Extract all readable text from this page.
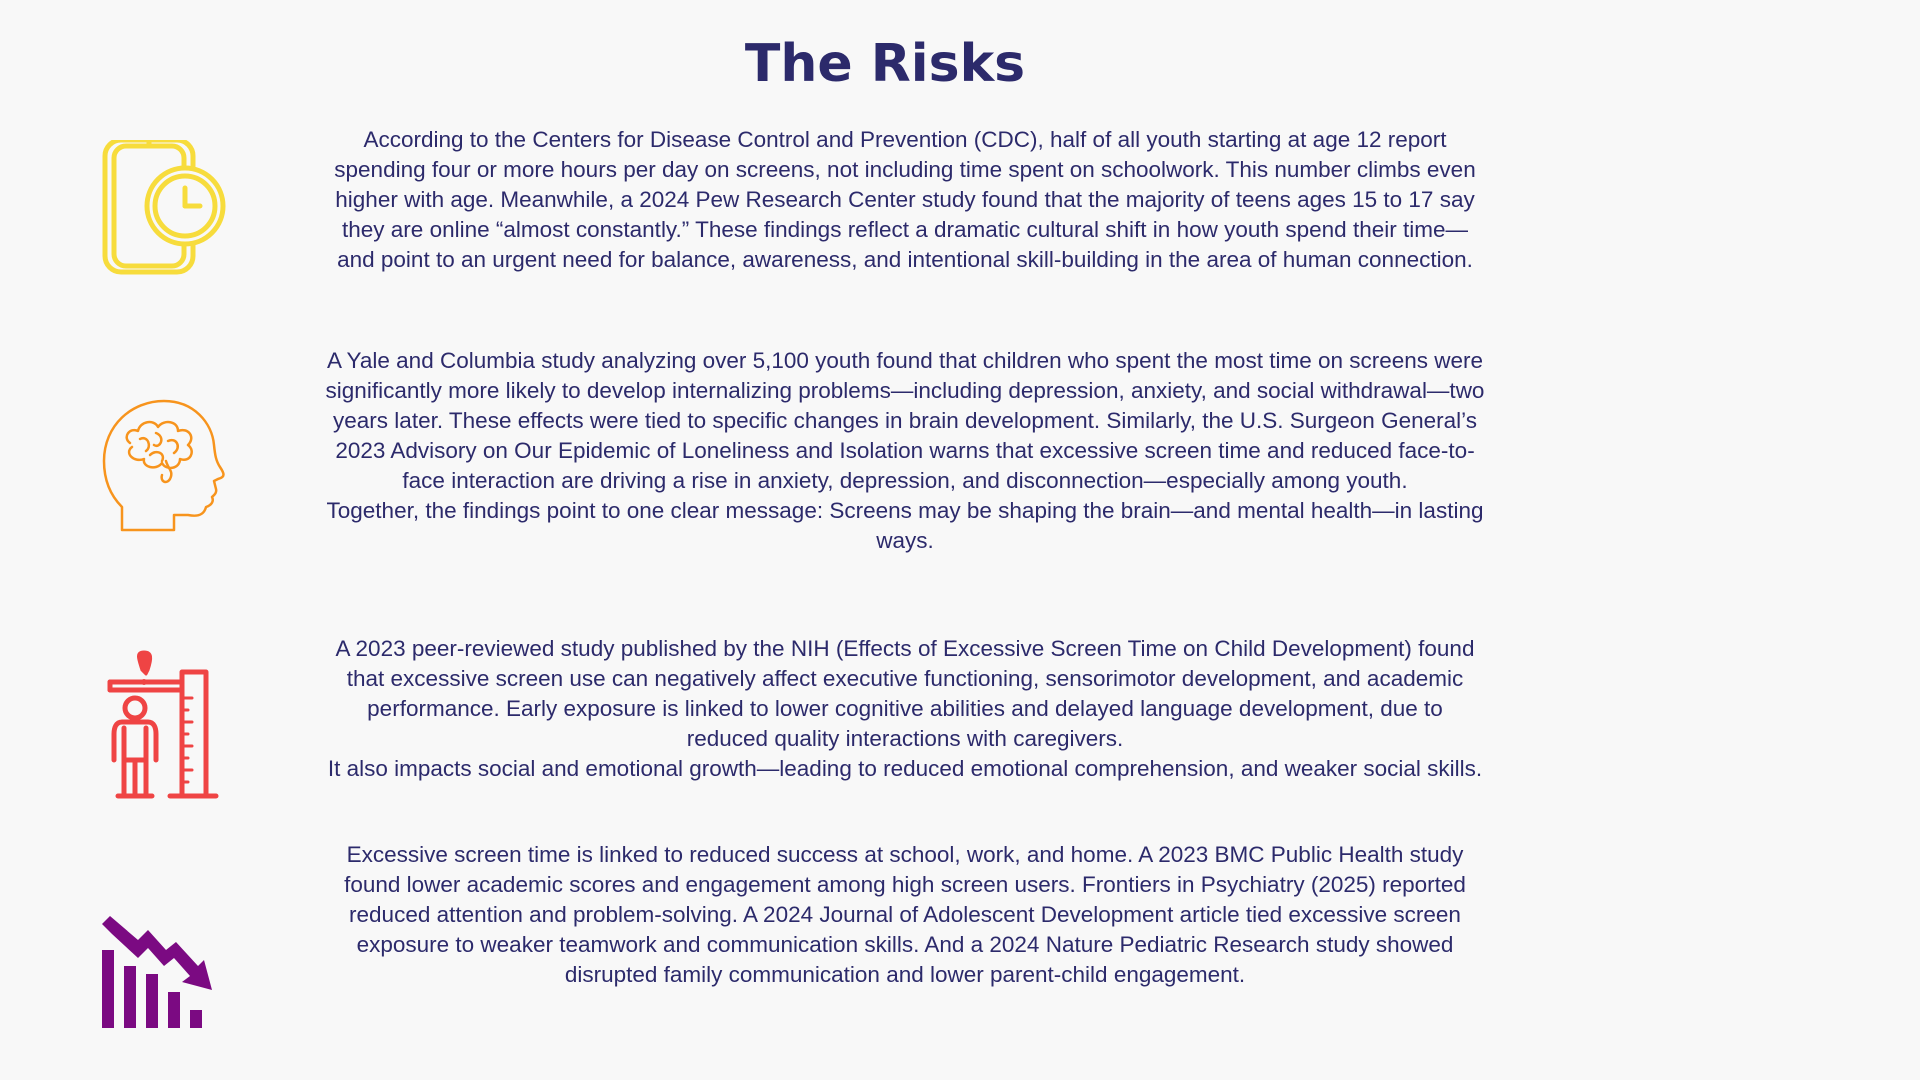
The Risks

According to the Centers for Disease Control and Prevention (CDC), half of all youth starting at age 12 report spending four or more hours per day on screens, not including time spent on schoolwork. This number climbs even higher with age. Meanwhile, a 2024 Pew Research Center study found that the majority of teens ages 15 to 17 say they are online “almost constantly.” These findings reflect a dramatic cultural shift in how youth spend their time—and point to an urgent need for balance, awareness, and intentional skill-building in the area of human connection.

A Yale and Columbia study analyzing over 5,100 youth found that children who spent the most time on screens were significantly more likely to develop internalizing problems—including depression, anxiety, and social withdrawal—two years later. These effects were tied to specific changes in brain development. Similarly, the U.S. Surgeon General’s 2023 Advisory on Our Epidemic of Loneliness and Isolation warns that excessive screen time and reduced face-to-face interaction are driving a rise in anxiety, depression, and disconnection—especially among youth.

Together, the findings point to one clear message: Screens may be shaping the brain—and mental health—in lasting ways.

A 2023 peer-reviewed study published by the NIH (Effects of Excessive Screen Time on Child Development) found that excessive screen use can negatively affect executive functioning, sensorimotor development, and academic performance. Early exposure is linked to lower cognitive abilities and delayed language development, due to reduced quality interactions with caregivers.

It also impacts social and emotional growth—leading to reduced emotional comprehension, and weaker social skills.

Excessive screen time is linked to reduced success at school, work, and home. A 2023 BMC Public Health study found lower academic scores and engagement among high screen users. Frontiers in Psychiatry (2025) reported reduced attention and problem-solving. A 2024 Journal of Adolescent Development article tied excessive screen exposure to weaker teamwork and communication skills. And a 2024 Nature Pediatric Research study showed disrupted family communication and lower parent-child engagement.
